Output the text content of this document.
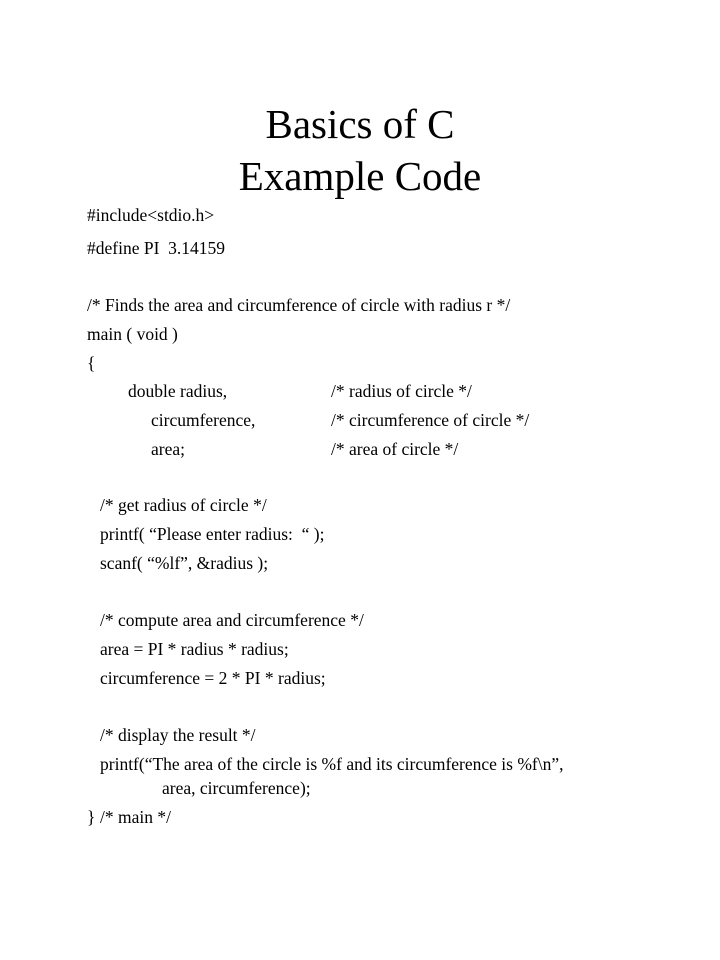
Basics of C
Example Code
#include<stdio.h>
#define PI  3.14159
/* Finds the area and circumference of circle with radius r */
main ( void )
{
double radius,	/* radius of circle */
circumference,	/* circumference of circle */
area;	/* area of circle */
/* get radius of circle */
printf( “Please enter radius:  “ );
scanf( “%lf”, &radius );
/* compute area and circumference */
area = PI * radius * radius;
circumference = 2 * PI * radius;
/* display the result */
printf(“The area of the circle is %f and its circumference is %f\n”,
area, circumference);
} /* main */
